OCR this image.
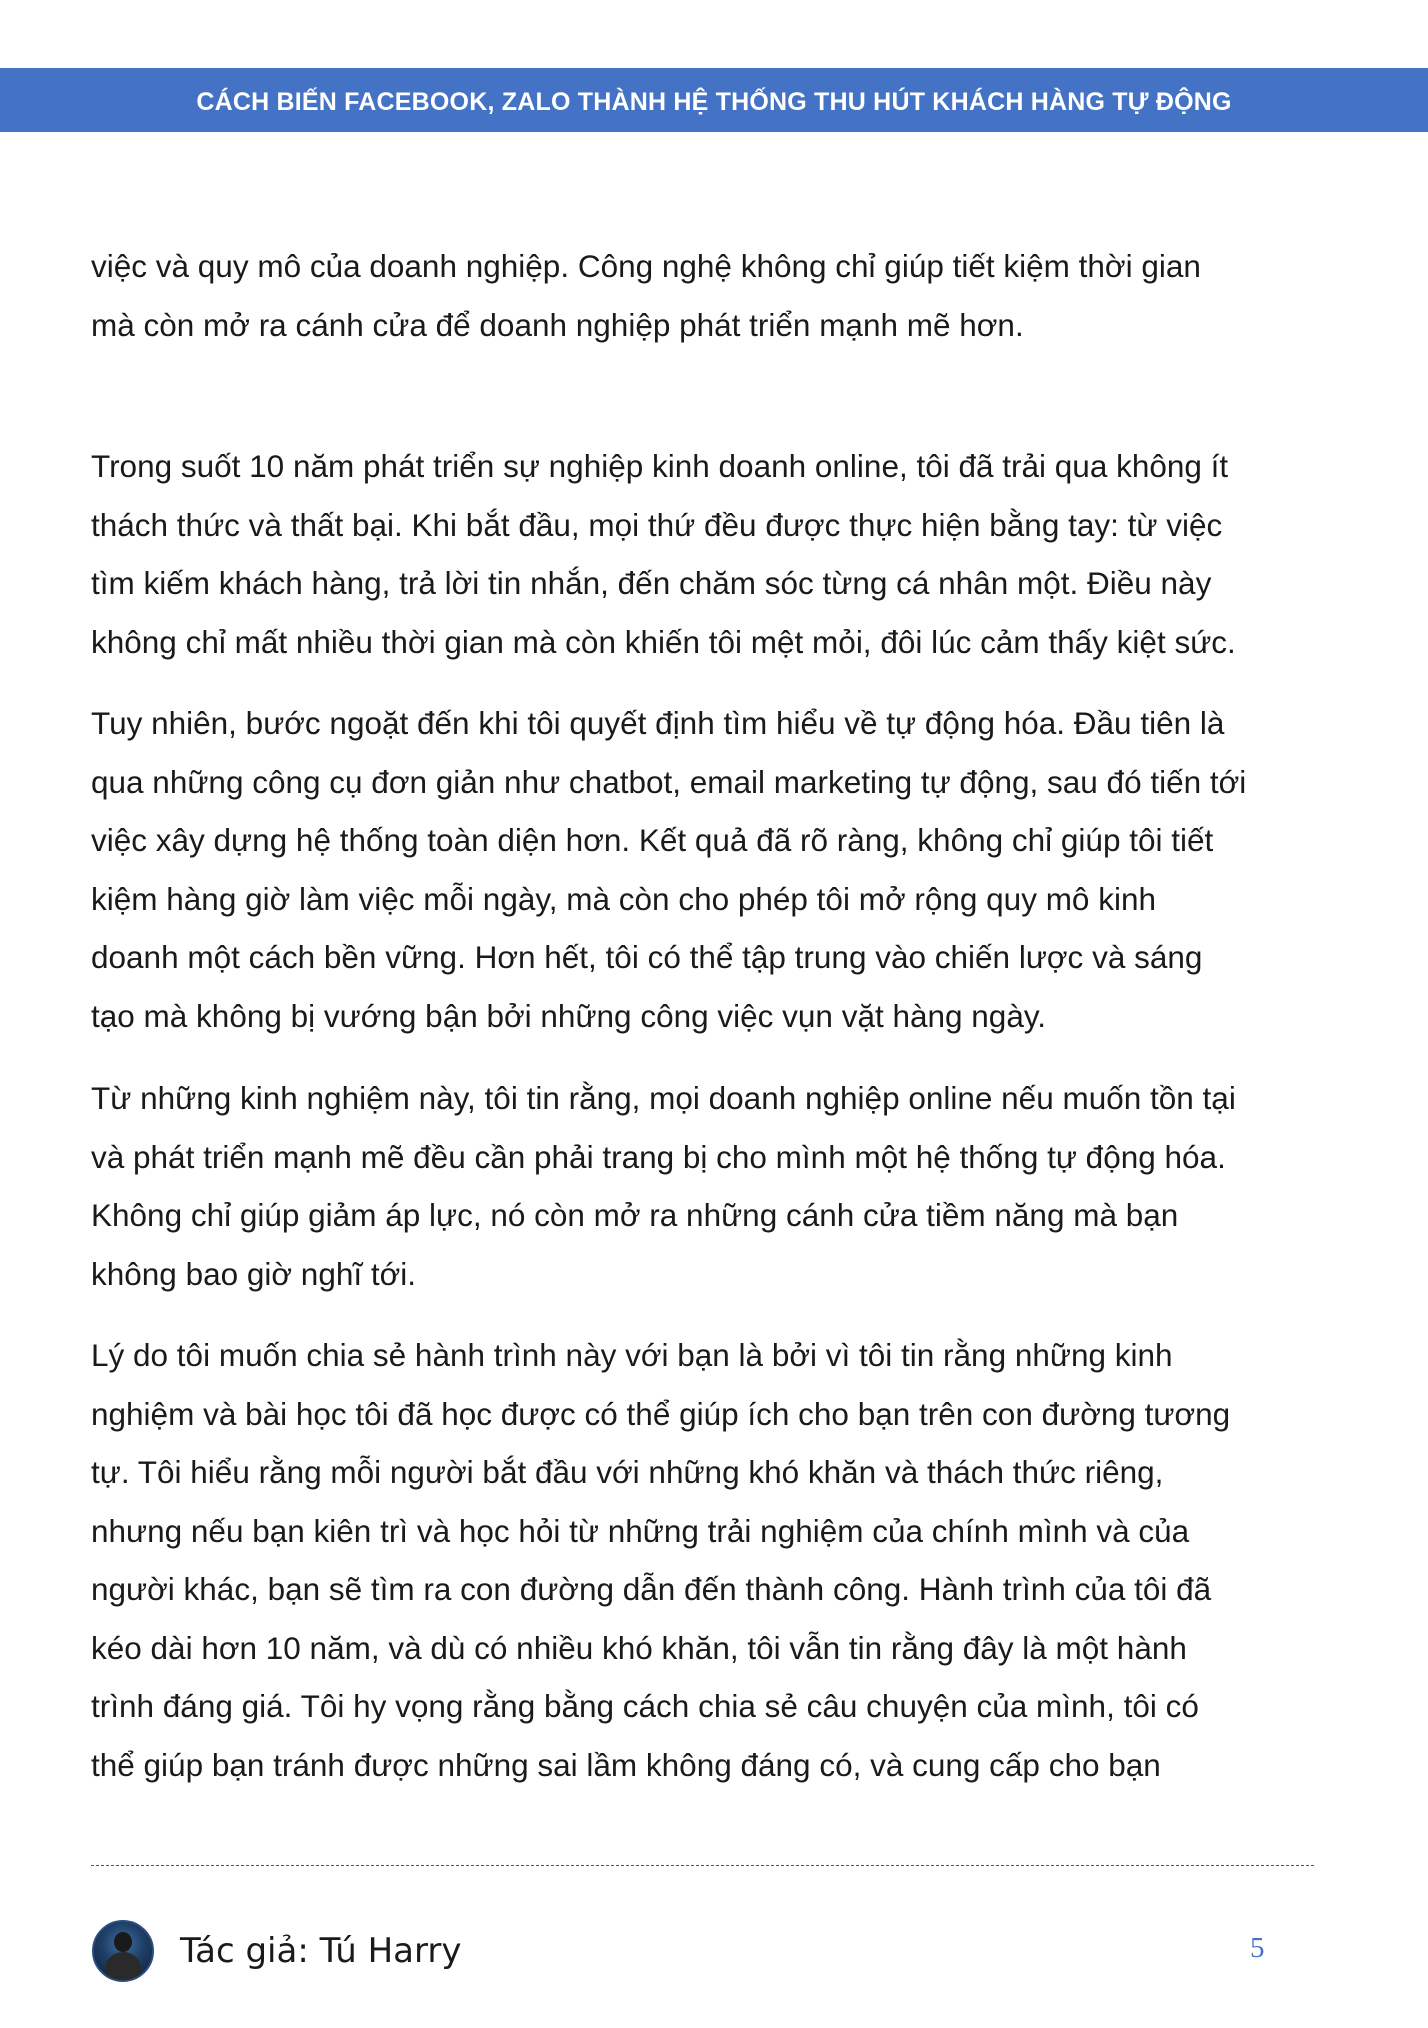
CÁCH BIẾN FACEBOOK, ZALO THÀNH HỆ THỐNG THU HÚT KHÁCH HÀNG TỰ ĐỘNG

việc và quy mô của doanh nghiệp. Công nghệ không chỉ giúp tiết kiệm thời gian

mà còn mở ra cánh cửa để doanh nghiệp phát triển mạnh mẽ hơn.

Trong suốt 10 năm phát triển sự nghiệp kinh doanh online, tôi đã trải qua không ít

thách thức và thất bại. Khi bắt đầu, mọi thứ đều được thực hiện bằng tay: từ việc

tìm kiếm khách hàng, trả lời tin nhắn, đến chăm sóc từng cá nhân một. Điều này

không chỉ mất nhiều thời gian mà còn khiến tôi mệt mỏi, đôi lúc cảm thấy kiệt sức.

Tuy nhiên, bước ngoặt đến khi tôi quyết định tìm hiểu về tự động hóa. Đầu tiên là

qua những công cụ đơn giản như chatbot, email marketing tự động, sau đó tiến tới

việc xây dựng hệ thống toàn diện hơn. Kết quả đã rõ ràng, không chỉ giúp tôi tiết

kiệm hàng giờ làm việc mỗi ngày, mà còn cho phép tôi mở rộng quy mô kinh

doanh một cách bền vững. Hơn hết, tôi có thể tập trung vào chiến lược và sáng

tạo mà không bị vướng bận bởi những công việc vụn vặt hàng ngày.

Từ những kinh nghiệm này, tôi tin rằng, mọi doanh nghiệp online nếu muốn tồn tại

và phát triển mạnh mẽ đều cần phải trang bị cho mình một hệ thống tự động hóa.

Không chỉ giúp giảm áp lực, nó còn mở ra những cánh cửa tiềm năng mà bạn

không bao giờ nghĩ tới.

Lý do tôi muốn chia sẻ hành trình này với bạn là bởi vì tôi tin rằng những kinh

nghiệm và bài học tôi đã học được có thể giúp ích cho bạn trên con đường tương

tự. Tôi hiểu rằng mỗi người bắt đầu với những khó khăn và thách thức riêng,

nhưng nếu bạn kiên trì và học hỏi từ những trải nghiệm của chính mình và của

người khác, bạn sẽ tìm ra con đường dẫn đến thành công. Hành trình của tôi đã

kéo dài hơn 10 năm, và dù có nhiều khó khăn, tôi vẫn tin rằng đây là một hành

trình đáng giá. Tôi hy vọng rằng bằng cách chia sẻ câu chuyện của mình, tôi có

thể giúp bạn tránh được những sai lầm không đáng có, và cung cấp cho bạn

Tác giả: Tú Harry	5
